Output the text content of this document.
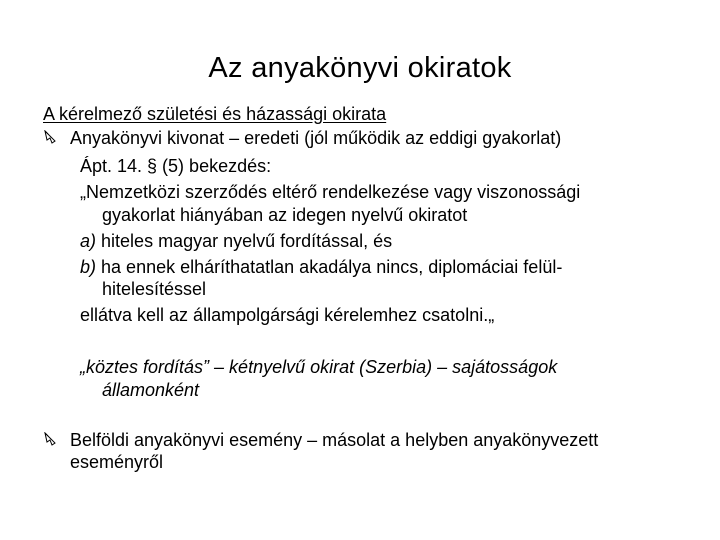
Az anyakönyvi okiratok

A kérelmező születési és házassági okirata

Anyakönyvi kivonat – eredeti (jól működik az eddigi gyakorlat)

Ápt. 14. § (5) bekezdés:

„Nemzetközi szerződés eltérő rendelkezése vagy viszonossági

gyakorlat hiányában az idegen nyelvű okiratot

a) hiteles magyar nyelvű fordítással, és

b) ha ennek elháríthatatlan akadálya nincs, diplomáciai felül-

hitelesítéssel

ellátva kell az állampolgársági kérelemhez csatolni.„

„köztes fordítás” – kétnyelvű okirat (Szerbia) – sajátosságok

államonként

Belföldi anyakönyvi esemény – másolat a helyben anyakönyvezett

eseményről
